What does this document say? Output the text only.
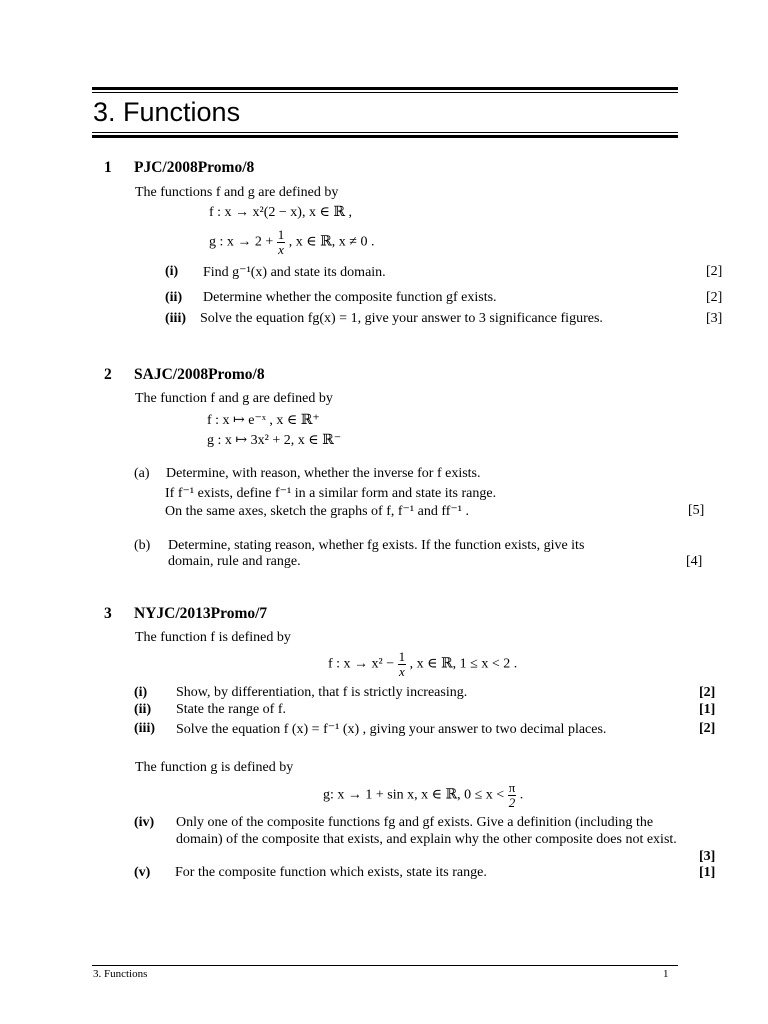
3. Functions
1 PJC/2008Promo/8
The functions f and g are defined by
f : x → x²(2 − x), x ∈ ℝ ,
g : $x \to 2 + \frac{1}{x}$ , x ∈ ℝ, x ≠ 0 .
(i) Find g⁻¹(x) and state its domain.	[2]
(ii) Determine whether the composite function gf exists.	[2]
(iii) Solve the equation fg(x) = 1, give your answer to 3 significance figures.	[3]
2 SAJC/2008Promo/8
The function f and g are defined by
f : x ↦ e⁻ˣ , x ∈ ℝ⁺
g : x ↦ 3x² + 2, x ∈ ℝ⁻
(a) Determine, with reason, whether the inverse for f exists.
If f⁻¹ exists, define f⁻¹ in a similar form and state its range.
On the same axes, sketch the graphs of f, f⁻¹ and ff⁻¹ .	[5]
(b) Determine, stating reason, whether fg exists. If the function exists, give its
domain, rule and range.	[4]
3 NYJC/2013Promo/7
The function f is defined by
f : $x \to x^2 - \frac{1}{x}$ , x ∈ ℝ, 1 ≤ x < 2 .
(i) Show, by differentiation, that f is strictly increasing.	[2]
(ii) State the range of f.	[1]
(iii) Solve the equation f (x) = f⁻¹ (x) , giving your answer to two decimal places.	[2]
The function g is defined by
g: x → 1 + sin x, x ∈ ℝ, $0 \le x < \frac{\pi}{2}$ .
(iv) Only one of the composite functions fg and gf exists. Give a definition (including the
domain) of the composite that exists, and explain why the other composite does not exist.
[3]
(v) For the composite function which exists, state its range.	[1]
3. Functions	1
